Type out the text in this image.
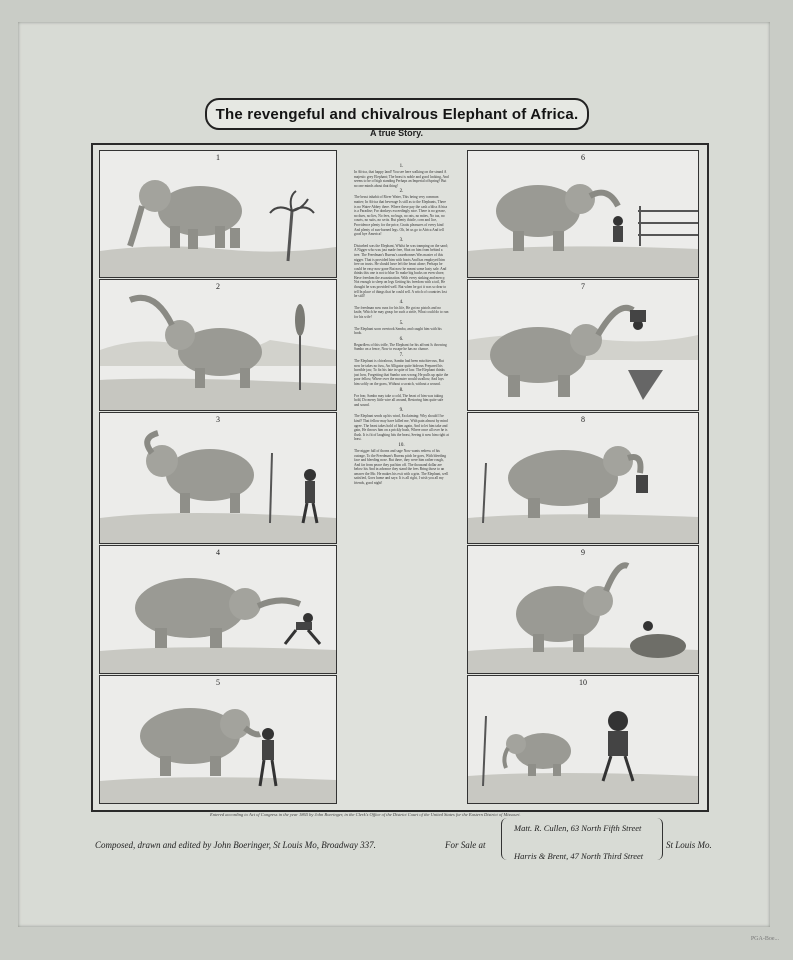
The revengeful and chivalrous Elephant of Africa.
A true Story.
1
2
3
4
5
6
7
8
9
10
1.
In Africa, that happy land! You see here walking on the strand A majestic grey Elephant; The beast is noble and good looking, And seems to be of high standing Perhaps an Imperial offspring? But no one minds about that thing!
2.
The beast inhabit of River Water, This being very common matter; In Africa that beverage Is still as to the Elephants, There is no Water-Abbey there. Where these pay the cash a bliss Africa is a Paradise; For donkeys exceedingly nice. There is no grease, no dues, no lies, No fees, no bugs, no rats, no mites, No tax, no courts, no suits, no writs. But plenty thistle, corn and lice, Providence plenty for the price, Gratis pleasures of every kind And plenty of sun-burned legs. Oh, let us go to Africa And tell good bye America!
3.
Disturbed was the Elephant, Whilst he was tramping on the sand; A Nigger who was just made free, Shot on him from behind a tree. The Freedman's Bureau's raarebonnes Was master of this nigger. That is provided him with boots And has employed him free on trusts. He should have left the beast alone; Perhaps he could be easy now gone But now he meant some lusty sale. And thinks this one is not to blue To make big bucks on even shore, Have freedom the assassination. With every sinking and mercy, Not enough to sleep on legs Getting his freedom with a toil, He thought he was provided well. But when he got it was so dear to tell In place of things that he could sell. A witch of countries lost he still!
4.
The freedman now runs for his life, He got no pistols and no knife, Which he may grasp for such a strife, What could do to run for his wife!
5.
The Elephant soon overtook Sambo, and caught him with his hook.
6.
Regardless of this trifle, The Elephant for his affront Is throwing Sambo on a fence, Now to escape he has no chance.
7.
The Elephant is chivalrous, Sambo had been mischievous, But now he takes no fuss, An Alligator quite hideous Prepared his horrible jaw, To fix his fate in spite of law. The Elephant thinks just how, Forgetting that Sambo was wrong, He pulls up quite the poor fellow, Where over the monster would swallow, And lays him softly on the grass, Without a scratch, without a wound.
8.
For fear, Sambo may take a cold, The beast of him was taking hold, Do merry little wire all around, Restoring him quite safe and sound.
9.
The Elephant sends up his wind, Exclaiming: Why should I be kind? That fellow may have killed me, With pain almost by mind agree. The beast takes hold of him again, And to let him take and gain, He throws him on a prickly bush, Where once all over he is flush. It is fit of laughing hits the beast, Seeing it now him right at least.
10.
The nigger full of thorns and sage Now wants redress of his outrage, To the Freedman's Bureau pitch he goes, With bleeding face and bleeding nose. But there, they were him rather rough, And far from peace they put him off. The thousand dollar are below his And in advance they stand the fees Bring those to an answer the Mo. He makes his exit with a grin. The Elephant, well satisfied, Goes home and says: It is all right, I wish you all my friends, good night!
Entered according to Act of Congress in the year 1865 by John Boeringer, in the Clerk's Office of the District Court of the United States for the Eastern District of Missouri.
Composed, drawn and edited by John Boeringer, St Louis Mo, Broadway 337.	For Sale at
Matt. R. Cullen, 63 North Fifth Street
Harris & Brent, 47 North Third Street
St Louis Mo.
PGA-Boe...
